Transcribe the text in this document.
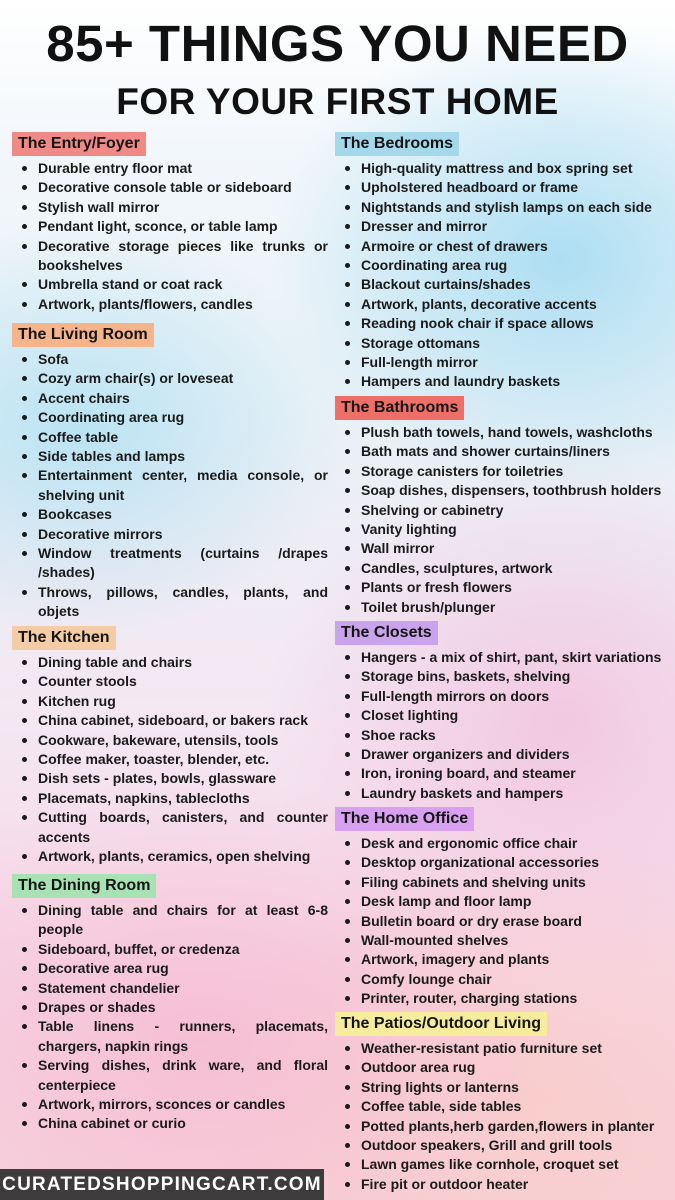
85+ THINGS YOU NEED
FOR YOUR FIRST HOME
The Entry/Foyer
Durable entry floor mat
Decorative console table or sideboard
Stylish wall mirror
Pendant light, sconce, or table lamp
Decorative storage pieces like trunks or bookshelves
Umbrella stand or coat rack
Artwork, plants/flowers, candles
The Living Room
Sofa
Cozy arm chair(s) or loveseat
Accent chairs
Coordinating area rug
Coffee table
Side tables and lamps
Entertainment center, media console, or shelving unit
Bookcases
Decorative mirrors
Window treatments (curtains /drapes /shades)
Throws, pillows, candles, plants, and objets
The Kitchen
Dining table and chairs
Counter stools
Kitchen rug
China cabinet, sideboard, or bakers rack
Cookware, bakeware, utensils, tools
Coffee maker, toaster, blender, etc.
Dish sets - plates, bowls, glassware
Placemats, napkins, tablecloths
Cutting boards, canisters, and counter accents
Artwork, plants, ceramics, open shelving
The Dining Room
Dining table and chairs for at least 6-8 people
Sideboard, buffet, or credenza
Decorative area rug
Statement chandelier
Drapes or shades
Table linens - runners, placemats, chargers, napkin rings
Serving dishes, drink ware, and floral centerpiece
Artwork, mirrors, sconces or candles
China cabinet or curio
The Bedrooms
High-quality mattress and box spring set
Upholstered headboard or frame
Nightstands and stylish lamps on each side
Dresser and mirror
Armoire or chest of drawers
Coordinating area rug
Blackout curtains/shades
Artwork, plants, decorative accents
Reading nook chair if space allows
Storage ottomans
Full-length mirror
Hampers and laundry baskets
The Bathrooms
Plush bath towels, hand towels, washcloths
Bath mats and shower curtains/liners
Storage canisters for toiletries
Soap dishes, dispensers, toothbrush holders
Shelving or cabinetry
Vanity lighting
Wall mirror
Candles, sculptures, artwork
Plants or fresh flowers
Toilet brush/plunger
The Closets
Hangers - a mix of shirt, pant, skirt variations
Storage bins, baskets, shelving
Full-length mirrors on doors
Closet lighting
Shoe racks
Drawer organizers and dividers
Iron, ironing board, and steamer
Laundry baskets and hampers
The Home Office
Desk and ergonomic office chair
Desktop organizational accessories
Filing cabinets and shelving units
Desk lamp and floor lamp
Bulletin board or dry erase board
Wall-mounted shelves
Artwork, imagery and plants
Comfy lounge chair
Printer, router, charging stations
The Patios/Outdoor Living
Weather-resistant patio furniture set
Outdoor area rug
String lights or lanterns
Coffee table, side tables
Potted plants,herb garden,flowers in planter
Outdoor speakers, Grill and grill tools
Lawn games like cornhole, croquet set
Fire pit or outdoor heater
CURATEDSHOPPINGCART.COM
